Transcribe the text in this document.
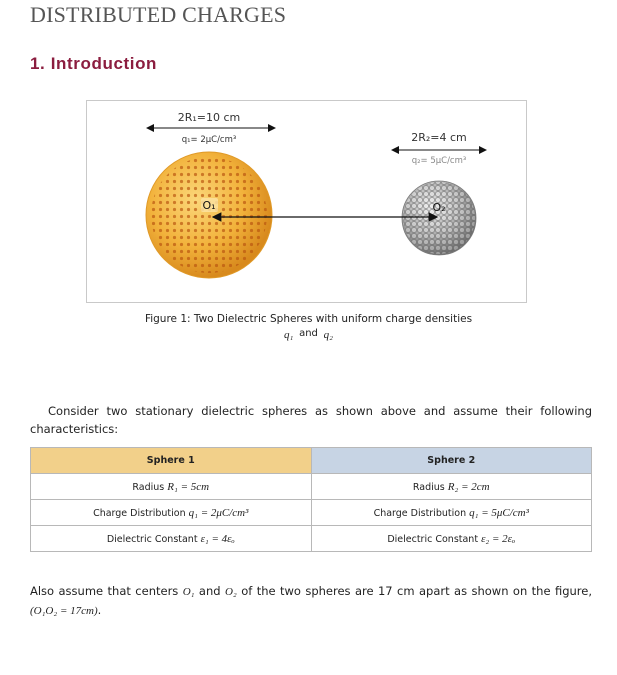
DISTRIBUTED CHARGES
1. Introduction
2R₁=10 cm
q₁= 2μC/cm³	2R₂=4 cm
q₂= 5μC/cm³
O₁	O₂
Figure 1: Two Dielectric Spheres with uniform charge densities
q₁ and q₂

Consider two stationary dielectric spheres as shown above and assume their following characteristics:

Sphere 1	Sphere 2
Radius R₁ = 5cm	Radius R₂ = 2cm
Charge Distribution q₁ = 2μC/cm³	Charge Distribution q₁ = 5μC/cm³
Dielectric Constant ε₁ = 4εₒ	Dielectric Constant ε₂ = 2εₒ

Also assume that centers O₁ and O₂ of the two spheres are 17 cm apart as shown on the figure, (O₁O₂ = 17cm).
